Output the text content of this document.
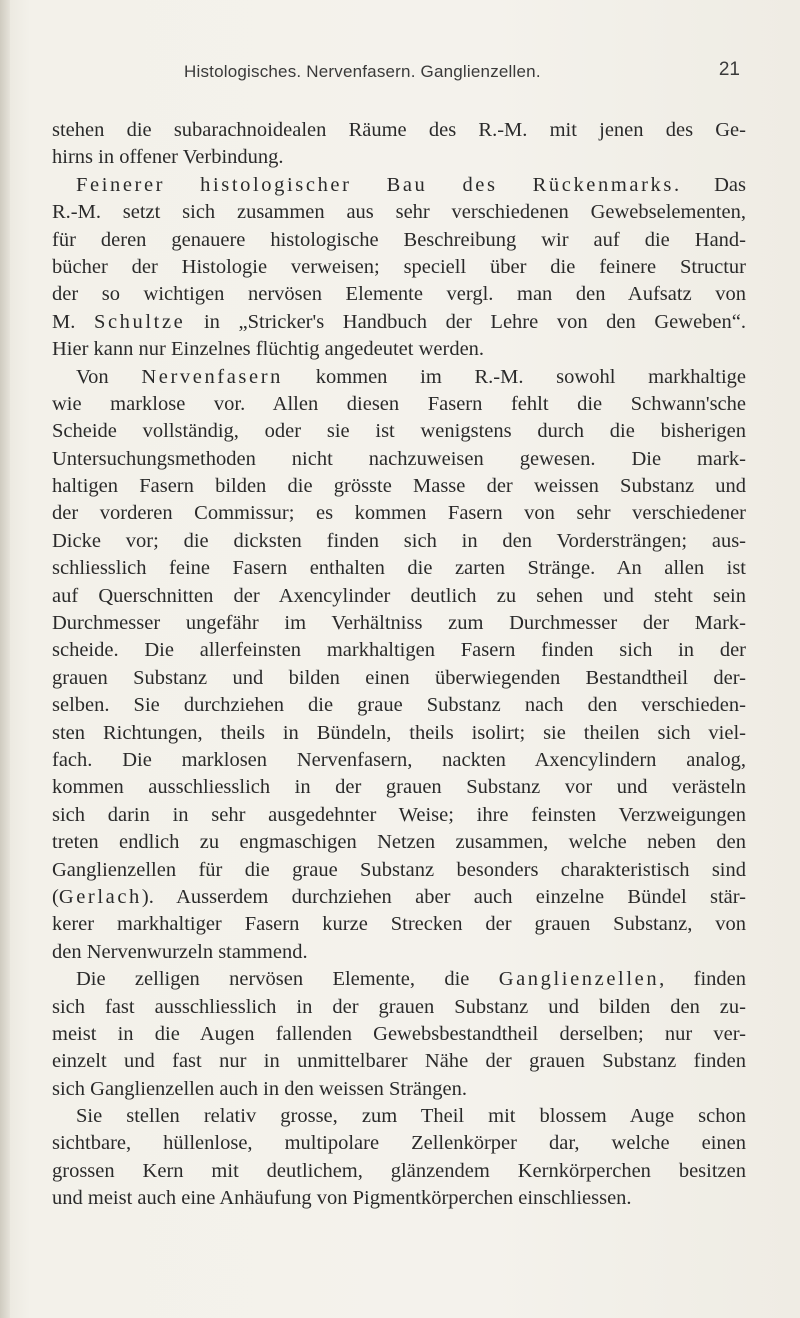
Histologisches. Nervenfasern. Ganglienzellen.	21
stehen die subarachnoidealen Räume des R.-M. mit jenen des Ge-
hirns in offener Verbindung.
Feinerer histologischer Bau des Rückenmarks. Das
R.-M. setzt sich zusammen aus sehr verschiedenen Gewebselementen,
für deren genauere histologische Beschreibung wir auf die Hand-
bücher der Histologie verweisen; speciell über die feinere Structur
der so wichtigen nervösen Elemente vergl. man den Aufsatz von
M. Schultze in „Stricker's Handbuch der Lehre von den Geweben“.
Hier kann nur Einzelnes flüchtig angedeutet werden.
Von Nervenfasern kommen im R.-M. sowohl markhaltige
wie marklose vor. Allen diesen Fasern fehlt die Schwann'sche
Scheide vollständig, oder sie ist wenigstens durch die bisherigen
Untersuchungsmethoden nicht nachzuweisen gewesen. Die mark-
haltigen Fasern bilden die grösste Masse der weissen Substanz und
der vorderen Commissur; es kommen Fasern von sehr verschiedener
Dicke vor; die dicksten finden sich in den Vordersträngen; aus-
schliesslich feine Fasern enthalten die zarten Stränge. An allen ist
auf Querschnitten der Axencylinder deutlich zu sehen und steht sein
Durchmesser ungefähr im Verhältniss zum Durchmesser der Mark-
scheide. Die allerfeinsten markhaltigen Fasern finden sich in der
grauen Substanz und bilden einen überwiegenden Bestandtheil der-
selben. Sie durchziehen die graue Substanz nach den verschieden-
sten Richtungen, theils in Bündeln, theils isolirt; sie theilen sich viel-
fach. Die marklosen Nervenfasern, nackten Axencylindern analog,
kommen ausschliesslich in der grauen Substanz vor und verästeln
sich darin in sehr ausgedehnter Weise; ihre feinsten Verzweigungen
treten endlich zu engmaschigen Netzen zusammen, welche neben den
Ganglienzellen für die graue Substanz besonders charakteristisch sind
(Gerlach). Ausserdem durchziehen aber auch einzelne Bündel stär-
kerer markhaltiger Fasern kurze Strecken der grauen Substanz, von
den Nervenwurzeln stammend.
Die zelligen nervösen Elemente, die Ganglienzellen, finden
sich fast ausschliesslich in der grauen Substanz und bilden den zu-
meist in die Augen fallenden Gewebsbestandtheil derselben; nur ver-
einzelt und fast nur in unmittelbarer Nähe der grauen Substanz finden
sich Ganglienzellen auch in den weissen Strängen.
Sie stellen relativ grosse, zum Theil mit blossem Auge schon
sichtbare, hüllenlose, multipolare Zellenkörper dar, welche einen
grossen Kern mit deutlichem, glänzendem Kernkörperchen besitzen
und meist auch eine Anhäufung von Pigmentkörperchen einschliessen.
